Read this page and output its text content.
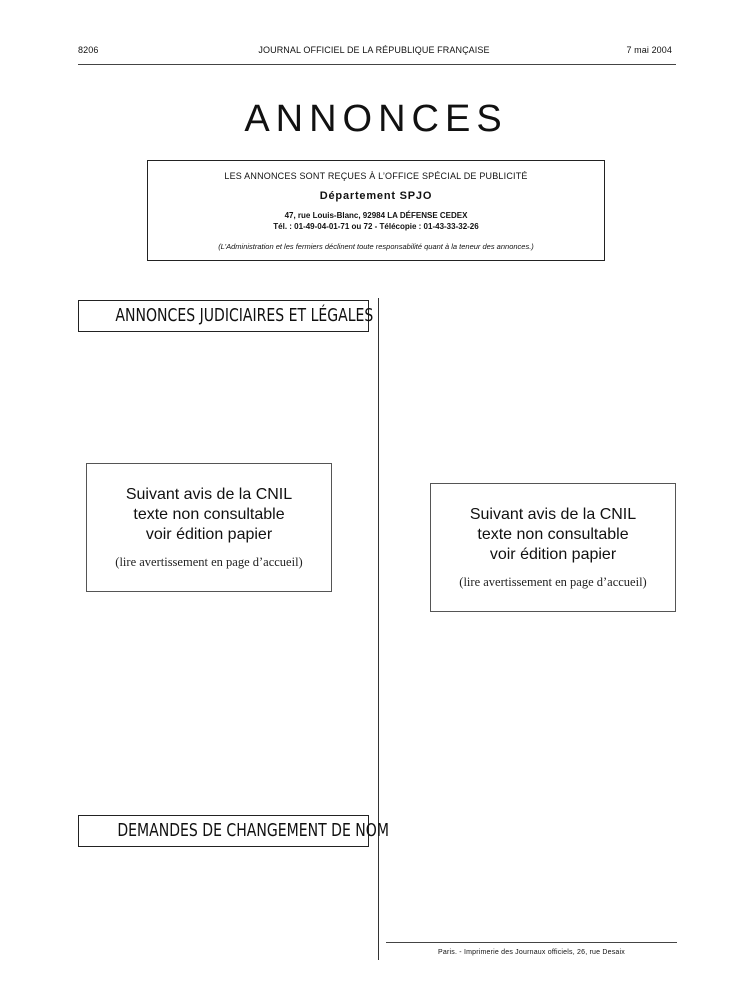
8206	JOURNAL OFFICIEL DE LA RÉPUBLIQUE FRANÇAISE	7 mai 2004
ANNONCES
LES ANNONCES SONT REÇUES À L’OFFICE SPÉCIAL DE PUBLICITÉ
Département SPJO
47, rue Louis-Blanc, 92984 LA DÉFENSE CEDEX
Tél. : 01-49-04-01-71 ou 72 - Télécopie : 01-43-33-32-26
(L’Administration et les fermiers déclinent toute responsabilité quant à la teneur des annonces.)
ANNONCES JUDICIAIRES ET LÉGALES
Suivant avis de la CNIL
texte non consultable
voir édition papier
(lire avertissement en page d’accueil)
Suivant avis de la CNIL
texte non consultable
voir édition papier
(lire avertissement en page d’accueil)
DEMANDES DE CHANGEMENT DE NOM
Paris. - Imprimerie des Journaux officiels, 26, rue Desaix
